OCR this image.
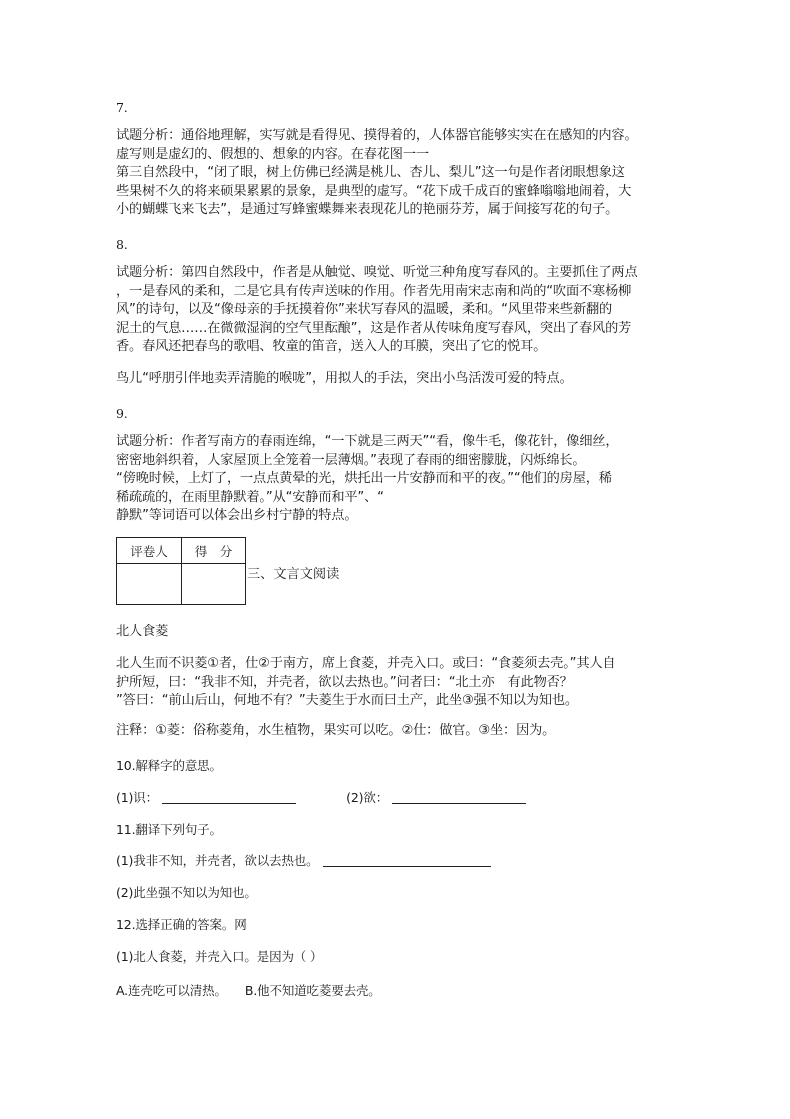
7.
试题分析：通俗地理解，实写就是看得见、摸得着的，人体器官能够实实在在感知的内容。
虚写则是虚幻的、假想的、想象的内容。在春花图一一
第三自然段中，“闭了眼，树上仿佛已经满是桃儿、杏儿、梨儿”这一句是作者闭眼想象这
些果树不久的将来硕果累累的景象，是典型的虚写。“花下成千成百的蜜蜂嗡嗡地闹着，大
小的蝴蝶飞来飞去”，是通过写蜂蜜蝶舞来表现花儿的艳丽芬芳，属于间接写花的句子。
8.
试题分析：第四自然段中，作者是从触觉、嗅觉、听觉三种角度写春风的。主要抓住了两点
，一是春风的柔和，二是它具有传声送味的作用。作者先用南宋志南和尚的“吹面不寒杨柳
风”的诗句，以及“像母亲的手抚摸着你”来状写春风的温暖，柔和。“风里带来些新翻的
泥土的气息……在微微湿润的空气里酝酿”，这是作者从传味角度写春风，突出了春风的芳
香。春风还把春鸟的歌唱、牧童的笛音，送入人的耳膜，突出了它的悦耳。
鸟儿“呼朋引伴地卖弄清脆的喉咙”，用拟人的手法，突出小鸟活泼可爱的特点。
9.
试题分析：作者写南方的春雨连绵，“一下就是三两天”“看，像牛毛，像花针，像细丝，
密密地斜织着，人家屋顶上全笼着一层薄烟。”表现了春雨的细密朦胧，闪烁绵长。
“傍晚时候，上灯了，一点点黄晕的光，烘托出一片安静而和平的夜。”“他们的房屋，稀
稀疏疏的，在雨里静默着。”从“安静而和平”、“
静默”等词语可以体会出乡村宁静的特点。
评卷人	得　分

三、文言文阅读
北人食菱
北人生而不识菱①者，仕②于南方，席上食菱，并壳入口。或曰：“食菱须去壳。”其人自
护所短，曰：“我非不知，并壳者，欲以去热也。”问者曰：“北土亦　有此物否？
”答曰：“前山后山，何地不有？”夫菱生于水而曰土产，此坐③强不知以为知也。
注释：①菱：俗称菱角，水生植物，果实可以吃。②仕：做官。③坐：因为。
10.解释字的意思。
(1)识：	(2)欲：
11.翻译下列句子。
(1)我非不知，并壳者，欲以去热也。
(2)此坐强不知以为知也。
12.选择正确的答案。网
(1)北人食菱，并壳入口。是因为（ ）
A.连壳吃可以清热。 B.他不知道吃菱要去壳。
